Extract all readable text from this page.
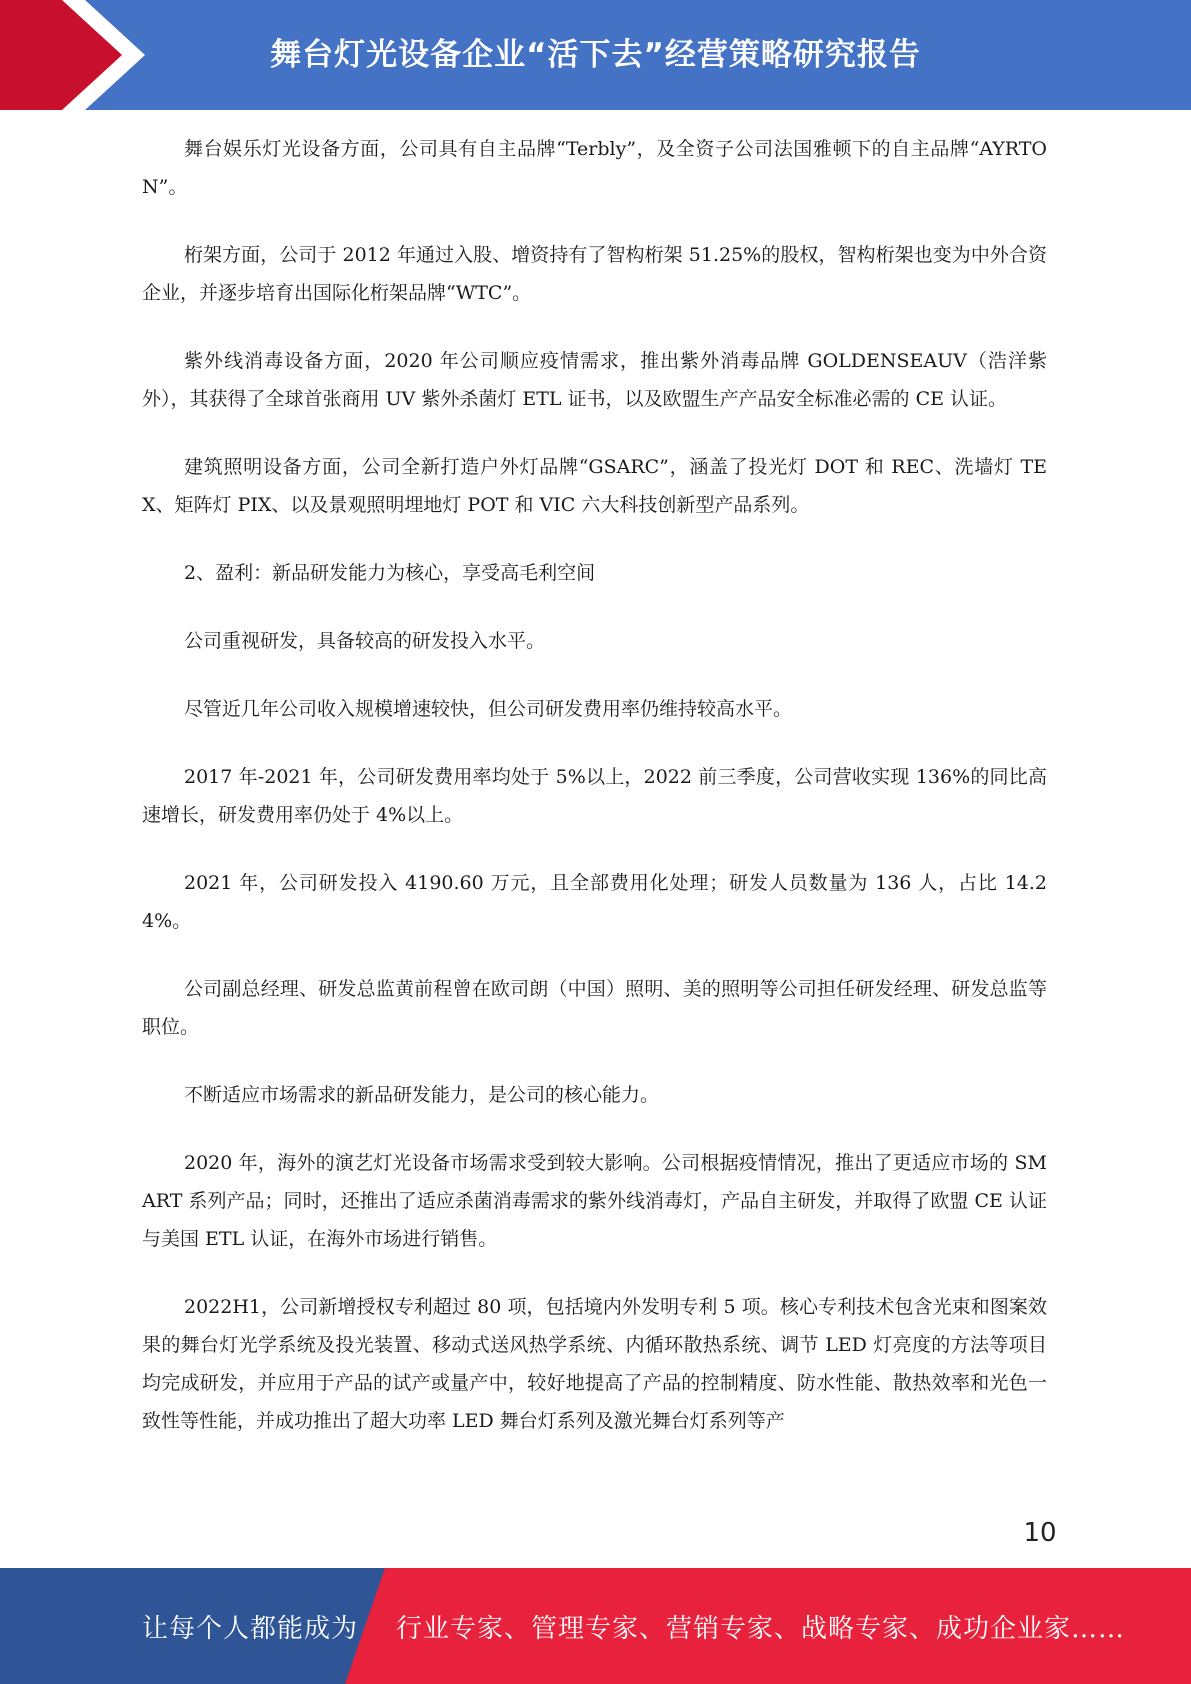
舞台灯光设备企业“活下去”经营策略研究报告

舞台娱乐灯光设备方面，公司具有自主品牌“Terbly”，及全资子公司法国雅顿下的自主品牌“AYRTON”。

桁架方面，公司于 2012 年通过入股、增资持有了智构桁架 51.25%的股权，智构桁架也变为中外合资企业，并逐步培育出国际化桁架品牌“WTC”。

紫外线消毒设备方面，2020 年公司顺应疫情需求，推出紫外消毒品牌 GOLDENSEAUV（浩洋紫外），其获得了全球首张商用 UV 紫外杀菌灯 ETL 证书，以及欧盟生产产品安全标准必需的 CE 认证。

建筑照明设备方面，公司全新打造户外灯品牌“GSARC”，涵盖了投光灯 DOT 和 REC、洗墙灯 TEX、矩阵灯 PIX、以及景观照明埋地灯 POT 和 VIC 六大科技创新型产品系列。

2、盈利：新品研发能力为核心，享受高毛利空间

公司重视研发，具备较高的研发投入水平。

尽管近几年公司收入规模增速较快，但公司研发费用率仍维持较高水平。

2017 年-2021 年，公司研发费用率均处于 5%以上，2022 前三季度，公司营收实现 136%的同比高速增长，研发费用率仍处于 4%以上。

2021 年，公司研发投入 4190.60 万元，且全部费用化处理；研发人员数量为 136 人，占比 14.24%。

公司副总经理、研发总监黄前程曾在欧司朗（中国）照明、美的照明等公司担任研发经理、研发总监等职位。

不断适应市场需求的新品研发能力，是公司的核心能力。

2020 年，海外的演艺灯光设备市场需求受到较大影响。公司根据疫情情况，推出了更适应市场的 SMART 系列产品；同时，还推出了适应杀菌消毒需求的紫外线消毒灯，产品自主研发，并取得了欧盟 CE 认证与美国 ETL 认证，在海外市场进行销售。

2022H1，公司新增授权专利超过 80 项，包括境内外发明专利 5 项。核心专利技术包含光束和图案效果的舞台灯光学系统及投光装置、移动式送风热学系统、内循环散热系统、调节 LED 灯亮度的方法等项目均完成研发，并应用于产品的试产或量产中，较好地提高了产品的控制精度、防水性能、散热效率和光色一致性等性能，并成功推出了超大功率 LED 舞台灯系列及激光舞台灯系列等产

10
让每个人都能成为 行业专家、管理专家、营销专家、战略专家、成功企业家……
